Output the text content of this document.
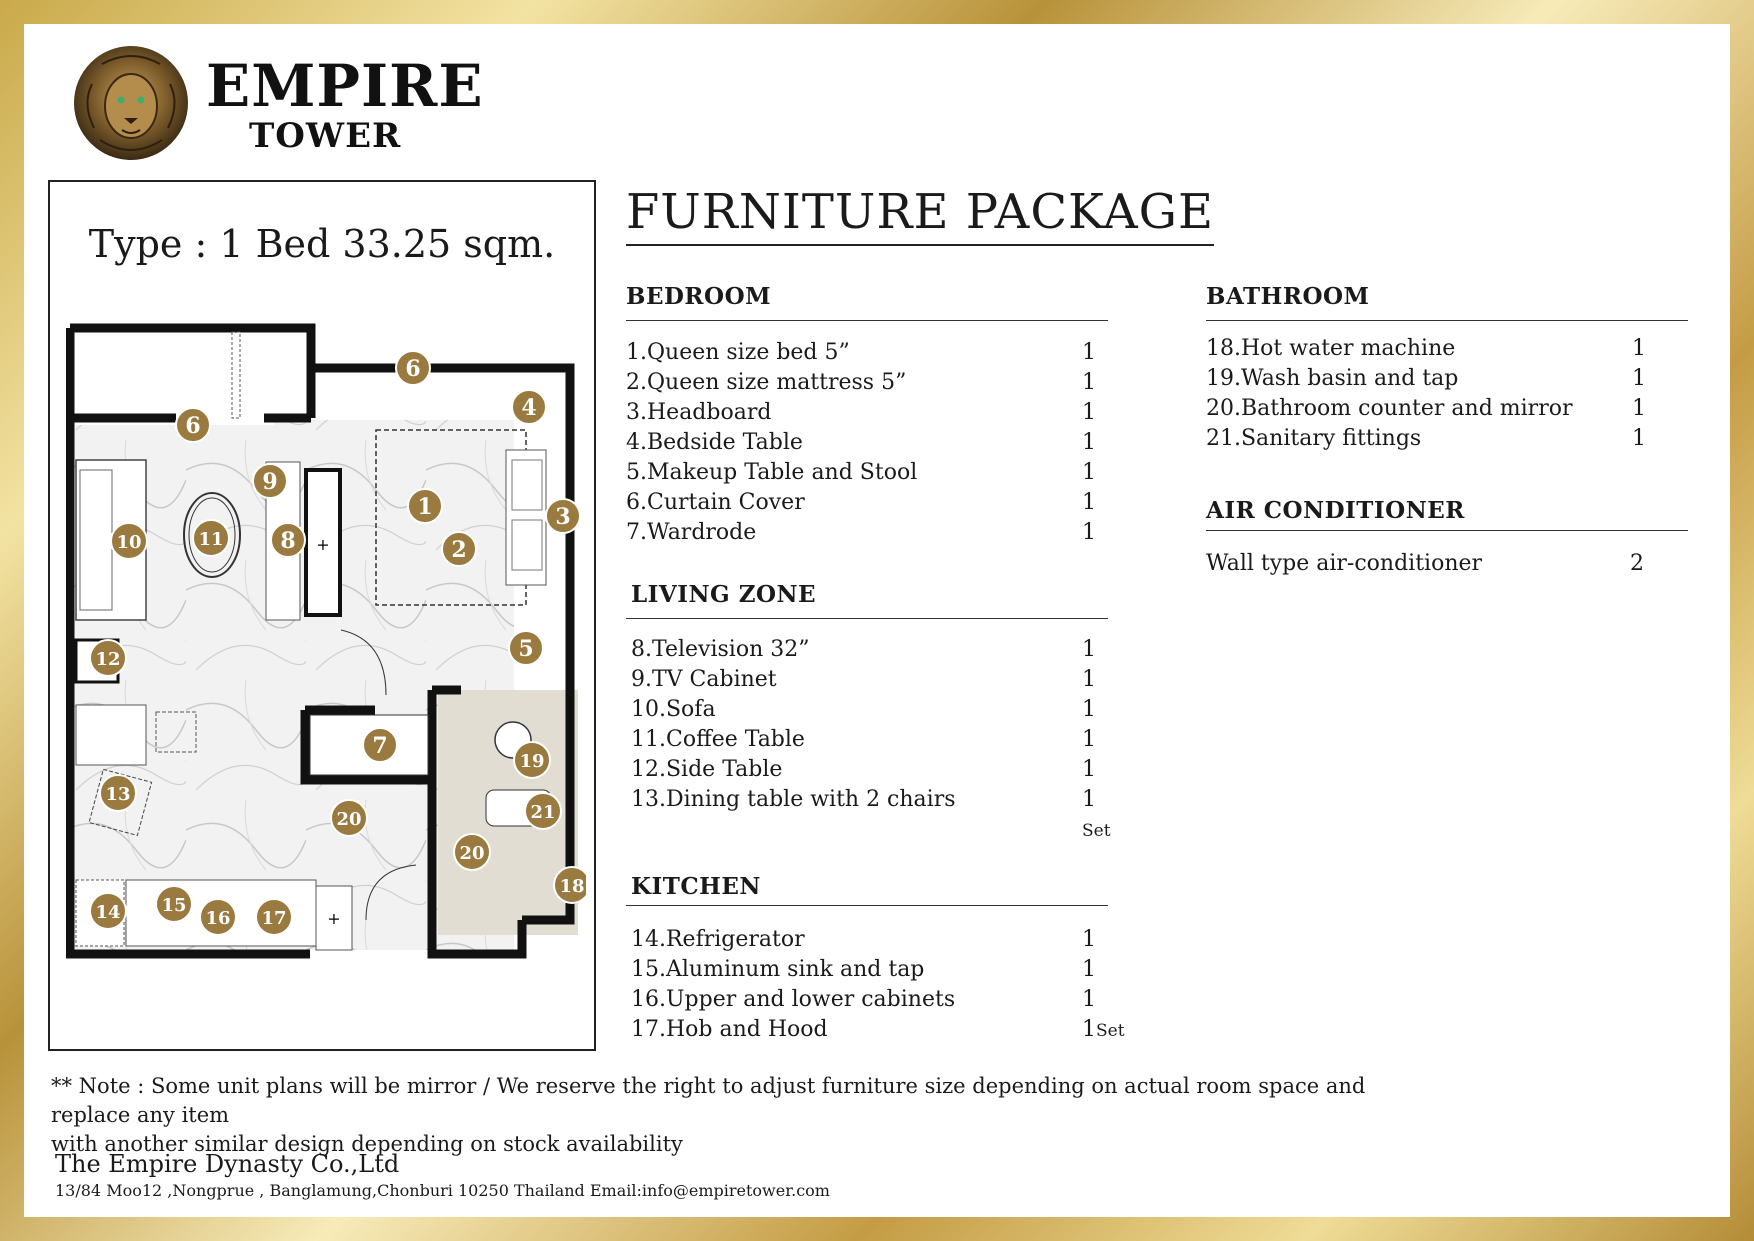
EMPIRE
TOWER
Type : 1 Bed 33.25 sqm.
+
+
1
2
3
4
5
6
6
7
8
9
10	11
12
13
14 15
16 17
18
19
20
20
21
FURNITURE PACKAGE
BEDROOM
1.Queen size bed 5”	1
2.Queen size mattress 5”	1
3.Headboard	1
4.Bedside Table	1
5.Makeup Table and Stool	1
6.Curtain Cover	1
7.Wardrode	1
LIVING ZONE
8.Television 32”	1
9.TV Cabinet	1
10.Sofa	1
11.Coffee Table	1
12.Side Table	1
13.Dining table with 2 chairs	1 Set
KITCHEN
14.Refrigerator	1
15.Aluminum sink and tap	1
16.Upper and lower cabinets	1
17.Hob and Hood	1Set
BATHROOM
18.Hot water machine	1
19.Wash basin and tap	1
20.Bathroom counter and mirror	1
21.Sanitary fittings	1
AIR CONDITIONER
Wall type air-conditioner	2
** Note : Some unit plans will be mirror / We reserve the right to adjust furniture size depending on actual room space and replace any item
with another similar design depending on stock availability
The Empire Dynasty Co.,Ltd
13/84 Moo12 ,Nongprue , Banglamung,Chonburi 10250 Thailand Email:info@empiretower.com
